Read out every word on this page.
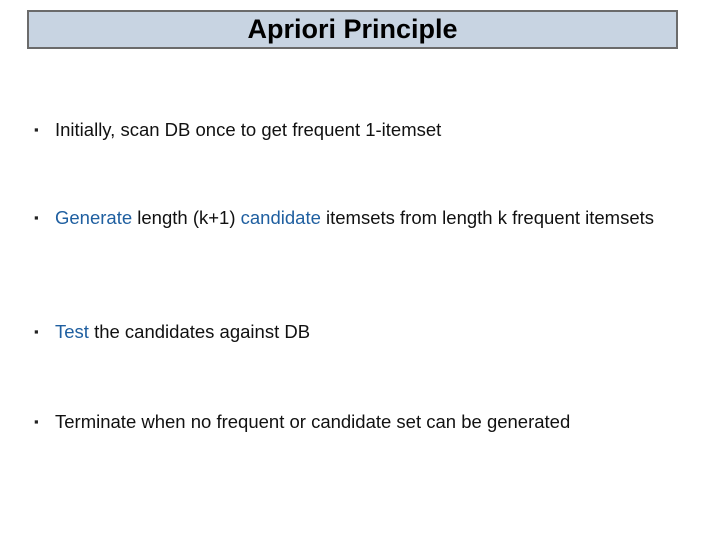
Apriori Principle
▪ Initially, scan DB once to get frequent 1-itemset
▪ Generate length (k+1) candidate itemsets from length k frequent itemsets
▪ Test the candidates against DB
▪ Terminate when no frequent or candidate set can be generated
